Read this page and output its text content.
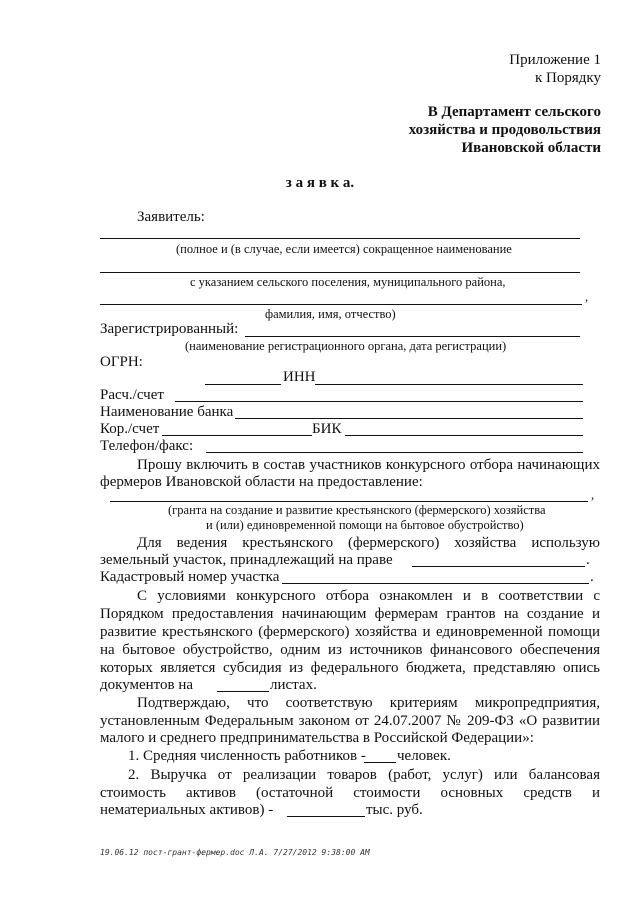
Приложение 1
к Порядку
В Департамент сельского
хозяйства и продовольствия
Ивановской области
з а я в к а.
Заявитель:
(полное и (в случае, если имеется) сокращенное наименование
с указанием сельского поселения, муниципального района,
,
фамилия, имя, отчество)
Зарегистрированный:
(наименование регистрационного органа, дата регистрации)
ОГРН:
ИНН
Расч./счет
Наименование банка
Кор./счет	БИК
Телефон/факс:
Прошу включить в состав участников конкурсного отбора начинающих
фермеров Ивановской области на предоставление:
,
(гранта на создание и развитие крестьянского (фермерского) хозяйства
и (или) единовременной помощи на бытовое обустройство)
Для ведения крестьянского (фермерского) хозяйства использую
земельный участок, принадлежащий на праве	.
Кадастровый номер участка	.
С условиями конкурсного отбора ознакомлен и в соответствии с
Порядком предоставления начинающим фермерам грантов на создание и
развитие крестьянского (фермерского) хозяйства и единовременной помощи
на бытовое обустройство, одним из источников финансового обеспечения
которых является субсидия из федерального бюджета, представляю опись
документов на	листах.
Подтверждаю, что соответствую критериям микропредприятия,
установленным Федеральным законом от 24.07.2007 № 209-ФЗ «О развитии
малого и среднего предпринимательства в Российской Федерации»:
1. Средняя численность работников - человек.
2. Выручка от реализации товаров (работ, услуг) или балансовая
стоимость активов (остаточной стоимости основных средств и
нематериальных активов) -	тыс. руб.
19.06.12 пост-грант-фермер.doc Л.А. 7/27/2012 9:38:00 AM
